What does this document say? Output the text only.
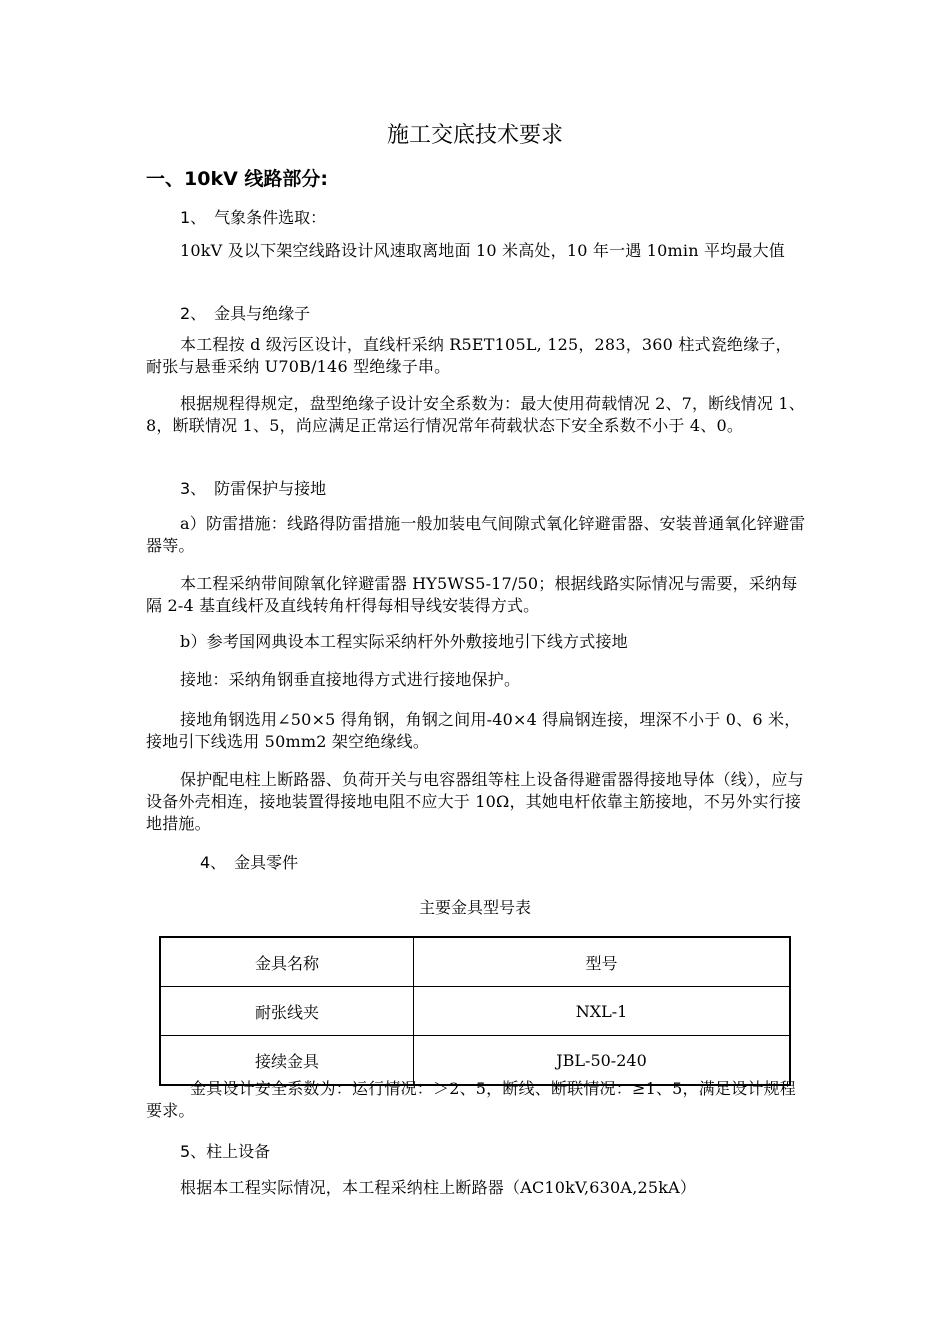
施工交底技术要求
一、10kV 线路部分:
1、　气象条件选取：
10kV 及以下架空线路设计风速取离地面 10 米高处，10 年一遇 10min 平均最大值
2、　金具与绝缘子
本工程按 d 级污区设计，直线杆采纳 R5ET105L, 125，283，360 柱式瓷绝缘子，耐张与悬垂采纳 U70B/146 型绝缘子串。
根据规程得规定，盘型绝缘子设计安全系数为：最大使用荷载情况 2、7，断线情况 1、8，断联情况 1、5，尚应满足正常运行情况常年荷载状态下安全系数不小于 4、0。
3、　防雷保护与接地
a）防雷措施：线路得防雷措施一般加装电气间隙式氧化锌避雷器、安装普通氧化锌避雷器等。
本工程采纳带间隙氧化锌避雷器 HY5WS5-17/50；根据线路实际情况与需要，采纳每隔 2-4 基直线杆及直线转角杆得每相导线安装得方式。
b）参考国网典设本工程实际采纳杆外外敷接地引下线方式接地
接地：采纳角钢垂直接地得方式进行接地保护。
接地角钢选用∠50×5 得角钢，角钢之间用-40×4 得扁钢连接，埋深不小于 0、6 米，接地引下线选用 50mm2 架空绝缘线。
保护配电柱上断路器、负荷开关与电容器组等柱上设备得避雷器得接地导体（线），应与设备外壳相连，接地装置得接地电阻不应大于 10Ω，其她电杆依靠主筋接地，不另外实行接地措施。
4、　金具零件
主要金具型号表
金具名称	型号
耐张线夹	NXL-1
接续金具	JBL-50-240
金具设计安全系数为：运行情况：＞2、5，断线、断联情况：≥1、5，满足设计规程要求。
5、柱上设备
根据本工程实际情况，本工程采纳柱上断路器（AC10kV,630A,25kA）
